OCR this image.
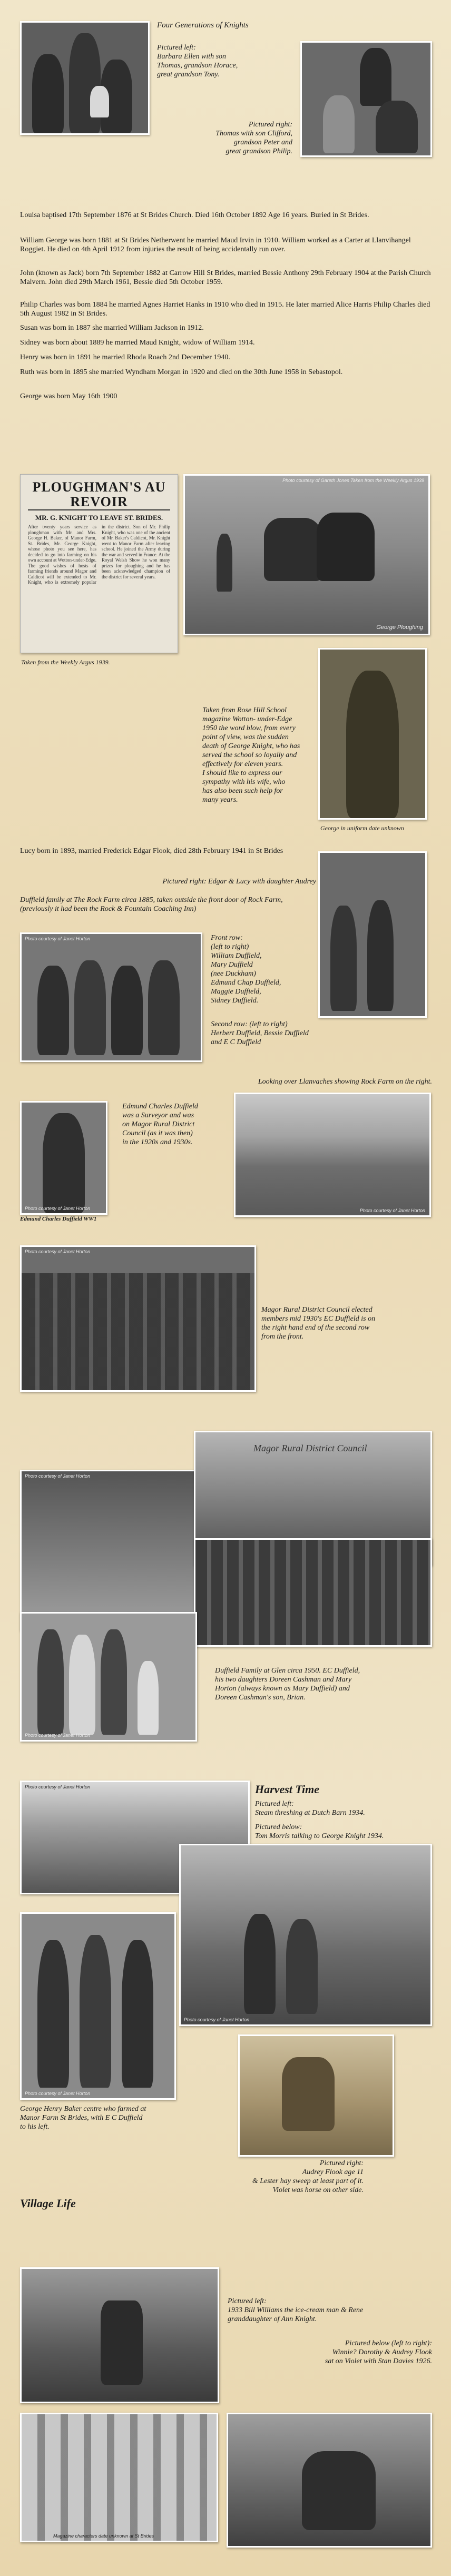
Four Generations of Knights
Pictured left:
Barbara Ellen with son
Thomas, grandson Horace,
great grandson Tony.
Pictured right:
Thomas with son Clifford,
grandson Peter and
great grandson Philip.
Louisa baptised 17th September 1876 at St Brides Church. Died 16th October 1892 Age 16 years. Buried in St Brides.
William George was born 1881 at St Brides Netherwent he married Maud Irvin in 1910. William worked as a Carter at Llanvihangel Roggiet. He died on 4th April 1912 from injuries the result of being accidentally run over.
John (known as Jack) born 7th September 1882 at Carrow Hill St Brides, married Bessie Anthony 29th February 1904 at the Parish Church Malvern. John died 29th March 1961, Bessie died 5th October 1959.
Philip Charles was born 1884 he married Agnes Harriet Hanks in 1910 who died in 1915. He later married Alice Harris Philip Charles died 5th August 1982 in St Brides.
Susan was born in 1887 she married William Jackson in 1912.
Sidney was born about 1889 he married Maud Knight, widow of William 1914.
Henry was born in 1891 he married Rhoda Roach 2nd December 1940.
Ruth was born in 1895 she married Wyndham Morgan in 1920 and died on the 30th June 1958 in Sebastopol.
George was born May 16th 1900
PLOUGHMAN'S AU REVOIR
MR. G. KNIGHT TO LEAVE ST. BRIDES.

After twenty years service as ploughman with Mr. and Mrs. George H. Baker, of Manor Farm, St. Brides, Mr. George Knight, whose photo you see here, has decided to go into farming on his own account at Wotton-under-Edge. The good wishes of hosts of farming friends around Magor and Caldicot will be extended to Mr. Knight, who is extremely popular in the district. Son of Mr. Philip Knight, who was one of the ancient of Mr. Baker's Caldicot, Mr. Knight went to Manor Farm after leaving school. He joined the Army during the war and served in France. At the Royal Welsh Show he won many prizes for ploughing and he has been acknowledged champion of the district for several years.

Taken from the Weekly Argus 1939.
Photo courtesy of Gareth Jones Taken from the Weekly Argus 1939
George Ploughing
Taken from Rose Hill School
magazine Wotton- under-Edge
1950 the word blow, from every
point of view, was the sudden
death of George Knight, who has
served the school so loyally and
effectively for eleven years.
I should like to express our
sympathy with his wife, who
has also been such help for
many years.
George in uniform date unknown
Lucy born in 1893, married Frederick Edgar Flook, died 28th February 1941 in St Brides
Pictured right: Edgar & Lucy with daughter Audrey
Duffield family at The Rock Farm circa 1885, taken outside the front door of Rock Farm, (previously it had been the Rock & Fountain Coaching Inn)
Photo courtesy of Janet Horton	Front row:
(left to right)
William Duffield,
Mary Duffield
(nee Duckham)
Edmund Chap Duffield,
Maggie Duffield,
Sidney Duffield.
Second row: (left to right)
Herbert Duffield, Bessie Duffield
and E C Duffield
Looking over Llanvaches showing Rock Farm on the right.
Photo courtesy of Janet Horton
Edmund Charles Duffield WW1
Edmund Charles Duffield
was a Surveyor and was
on Magor Rural District
Council (as it was then)
in the 1920s and 1930s.
Photo courtesy of Janet Horton
Photo courtesy of Janet Horton
Magor Rural District Council elected
members mid 1930's EC Duffield is on
the right hand end of the second row
from the front.
Photo courtesy of Janet Horton
Magor Rural District Council
Photo courtesy of Janet Horton
Duffield Family at Glen circa 1950. EC Duffield,
his two daughters Doreen Cashman and Mary
Horton (always known as Mary Duffield) and
Doreen Cashman's son, Brian.
Photo courtesy of Janet Horton	Harvest Time
Pictured left:
Steam threshing at Dutch Barn 1934.
Pictured below:
Tom Morris talking to George Knight 1934.
Photo courtesy of Janet Horton
Photo courtesy of Janet Horton
George Henry Baker centre who farmed at
Manor Farm St Brides, with E C Duffield
to his left.
Pictured right:
Audrey Flook age 11
& Lester hay sweep at least part of it.
Violet was horse on other side.
Village Life
Pictured left:
1933 Bill Williams the ice-cream man & Rene
granddaughter of Ann Knight.
Pictured below (left to right):
Winnie? Dorothy & Audrey Flook
sat on Violet with Stan Davies 1926.
Magazine characters date unknown at St Brides
